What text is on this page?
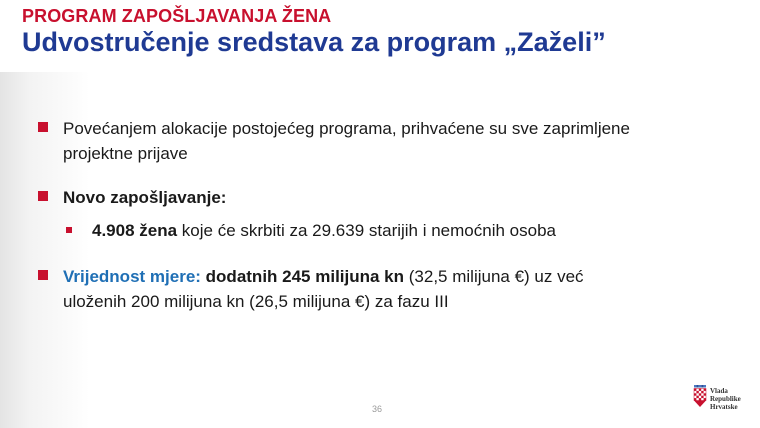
PROGRAM ZAPOŠLJAVANJA ŽENA
Udvostručenje sredstava za program „Zaželi”
Povećanjem alokacije postojećeg programa, prihvaćene su sve zaprimljene
projektne prijave
Novo zapošljavanje:
4.908 žena koje će skrbiti za 29.639 starijih i nemoćnih osoba
Vrijednost mjere: dodatnih 245 milijuna kn (32,5 milijuna €) uz već
uloženih 200 milijuna kn (26,5 milijuna €) za fazu III
36
Vlada
Republike
Hrvatske
